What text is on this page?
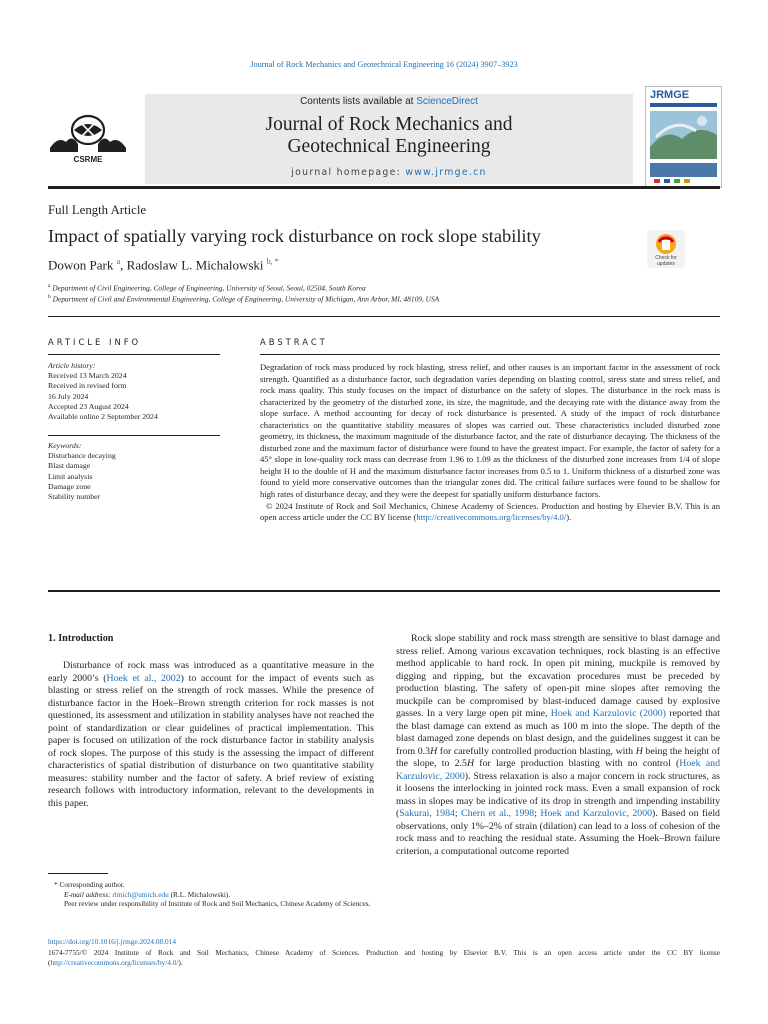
Journal of Rock Mechanics and Geotechnical Engineering 16 (2024) 3907–3923
CSRME
Contents lists available at ScienceDirect
Journal of Rock Mechanics and
Geotechnical Engineering
journal homepage: www.jrmge.cn
JRMGE
Full Length Article
Impact of spatially varying rock disturbance on rock slope stability
Check for updates
Dowon Park $^a$, Radoslaw L. Michalowski $^{b, *}$
$^a$ Department of Civil Engineering, College of Engineering, University of Seoul, Seoul, 02504, South Korea
$^b$ Department of Civil and Environmental Engineering, College of Engineering, University of Michigan, Ann Arbor, MI, 48109, USA
ARTICLE INFO
Article history:
Received 13 March 2024
Received in revised form
16 July 2024
Accepted 23 August 2024
Available online 2 September 2024
Keywords:
Disturbance decaying
Blast damage
Limit analysis
Damage zone
Stability number
ABSTRACT
Degradation of rock mass produced by rock blasting, stress relief, and other causes is an important factor in the assessment of rock strength. Quantified as a disturbance factor, such degradation varies depending on blasting control, stress state and stress relief, and rock mass quality. This study focuses on the impact of disturbance on the safety of slopes. The disturbance in the rock mass is characterized by the geometry of the disturbed zone, its size, the magnitude, and the decaying rate with the distance away from the slope surface. A method accounting for decay of rock disturbance is presented. A study of the impact of rock disturbance characteristics on the quantitative stability measures of slopes was carried out. These characteristics included disturbed zone geometry, its thickness, the maximum magnitude of the disturbance factor, and the rate of disturbance decaying. The thickness of the disturbed zone and the maximum factor of disturbance were found to have the greatest impact. For example, the factor of safety for a 45° slope in low-quality rock mass can decrease from 1.96 to 1.09 as the thickness of the disturbed zone increases from 1/4 of slope height H to the double of H and the maximum disturbance factor increases from 0.5 to 1. Uniform thickness of a disturbed zone was found to yield more conservative outcomes than the triangular zones did. The critical failure surfaces were found to be shallow for high rates of disturbance decay, and they were the deepest for spatially uniform disturbance factors.
© 2024 Institute of Rock and Soil Mechanics, Chinese Academy of Sciences. Production and hosting by Elsevier B.V. This is an open access article under the CC BY license (http://creativecommons.org/licenses/by/4.0/).
1. Introduction

Disturbance of rock mass was introduced as a quantitative measure in the early 2000’s (Hoek et al., 2002) to account for the impact of events such as blasting or stress relief on the strength of rock masses. While the presence of disturbance factor in the Hoek–Brown strength criterion for rock masses is not questioned, its assessment and utilization in stability analyses have not reached the point of standardization or clear guidelines of practical implementation. This paper is focused on utilization of the rock disturbance factor in stability analysis of rock slopes. The purpose of this study is the assessing the impact of different characteristics of spatial distribution of disturbance on two quantitative stability measures: stability number and the factor of safety. A brief review of existing research follows with introductory information, relevant to the developments in this paper.

Rock slope stability and rock mass strength are sensitive to blast damage and stress relief. Among various excavation techniques, rock blasting is an effective method applicable to hard rock. In open pit mining, muckpile is removed by digging and ripping, but the excavation procedures must be preceded by production blasting. The safety of open-pit mine slopes after removing the muckpile can be compromised by blast-induced damage caused by explosive gasses. In a very large open pit mine, Hoek and Karzulovic (2000) reported that the blast damage can extend as much as 100 m into the slope. The depth of the blast damaged zone depends on blast design, and the guidelines suggest it can be from 0.3H for carefully controlled production blasting, with H being the height of the slope, to 2.5H for large production blasting with no control (Hoek and Karzulovic, 2000). Stress relaxation is also a major concern in rock structures, as it loosens the interlocking in jointed rock mass. Even a small expansion of rock mass in slopes may be indicative of its drop in strength and impending instability (Sakurai, 1984; Chern et al., 1998; Hoek and Karzulovic, 2000). Based on field observations, only 1%–2% of strain (dilation) can lead to a loss of cohesion of the rock mass and to reaching the residual state. Assuming the Hoek–Brown failure criterion, a computational outcome reported

* Corresponding author.
E-mail address: rlmich@umich.edu (R.L. Michalowski).
Peer review under responsibility of Institute of Rock and Soil Mechanics, Chinese Academy of Sciences.
https://doi.org/10.1016/j.jrmge.2024.08.014
1674-7755/© 2024 Institute of Rock and Soil Mechanics, Chinese Academy of Sciences. Production and hosting by Elsevier B.V. This is an open access article under the CC BY license (http://creativecommons.org/licenses/by/4.0/).
